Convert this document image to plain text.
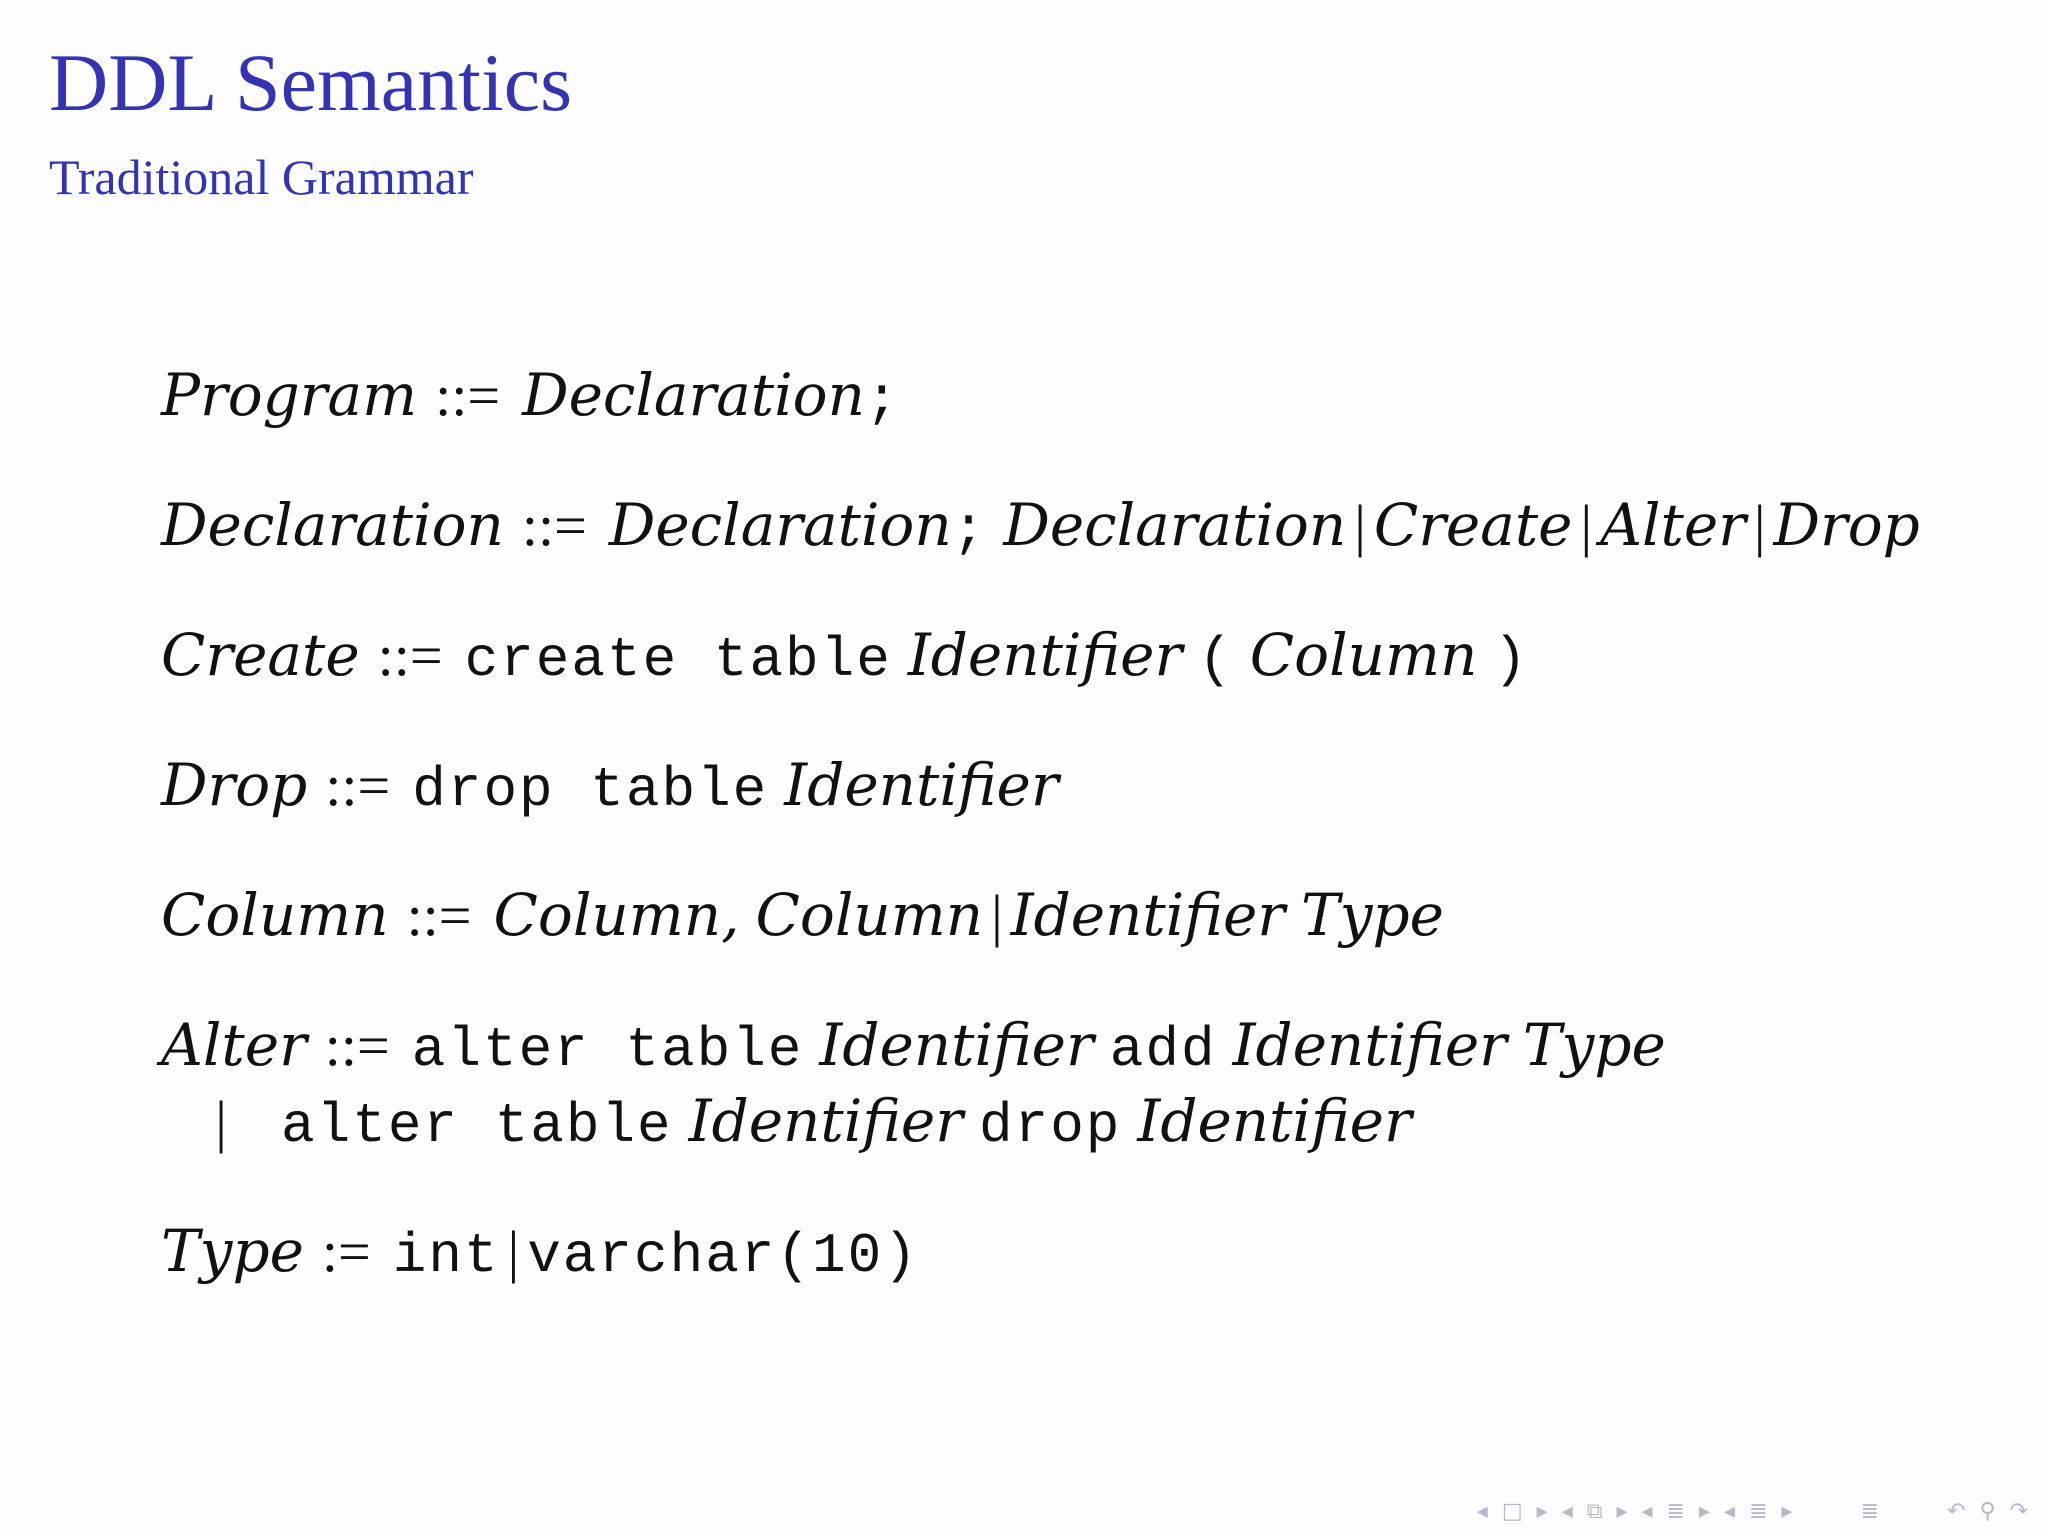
DDL Semantics
Traditional Grammar
Program ::= Declaration;
Declaration ::= Declaration; Declaration | Create | Alter | Drop
Create ::= create table Identifier ( Column )
Drop ::= drop table Identifier
Column ::= Column, Column | Identifier Type
Alter ::= alter table Identifier add Identifier Type
| alter table Identifier drop Identifier
Type := int | varchar(10)
◂ □ ▸ ◂ ⧉ ▸ ◂ ≣ ▸ ◂ ≣ ▸	≣	↶ ⚲ ↷
